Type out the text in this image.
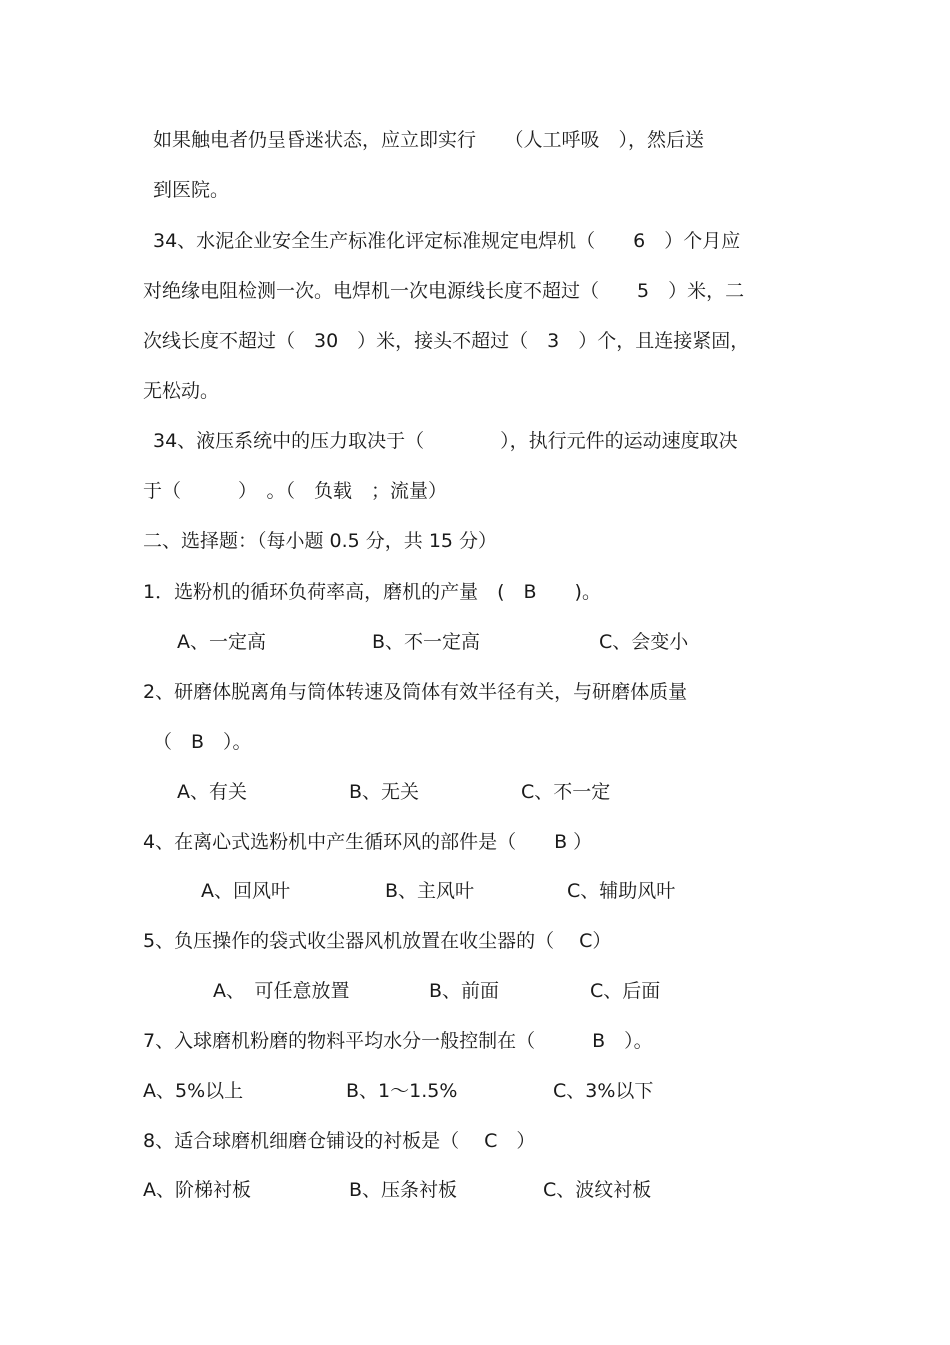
如果触电者仍呈昏迷状态，应立即实行　　（人工呼吸　），然后送
到医院。
34、水泥企业安全生产标准化评定标准规定电焊机（　　6　）个月应
对绝缘电阻检测一次。电焊机一次电源线长度不超过（　　5　）米，二
次线长度不超过（　30　）米，接头不超过（　3　）个，且连接紧固，
无松动。
34、液压系统中的压力取决于（　　　　），执行元件的运动速度取决
于（　　　）　。（　负载　；流量）
二、选择题：（每小题 0.5 分，共 15 分）
1．选粉机的循环负荷率高，磨机的产量　(　B　　)。
A、一定高	B、不一定高	C、会变小
2、研磨体脱离角与筒体转速及筒体有效半径有关，与研磨体质量
（　B　）。
A、有关	B、无关	C、不一定
4、在离心式选粉机中产生循环风的部件是（　　B ）
A、回风叶	B、主风叶	C、辅助风叶
5、负压操作的袋式收尘器风机放置在收尘器的（　 C）
A、　可任意放置	B、前面	C、后面
7、入球磨机粉磨的物料平均水分一般控制在（　　　B　）。
A、5%以上	B、1～1.5%	C、3%以下
8、适合球磨机细磨仓铺设的衬板是（　 C　）
A、阶梯衬板	B、压条衬板	C、波纹衬板
